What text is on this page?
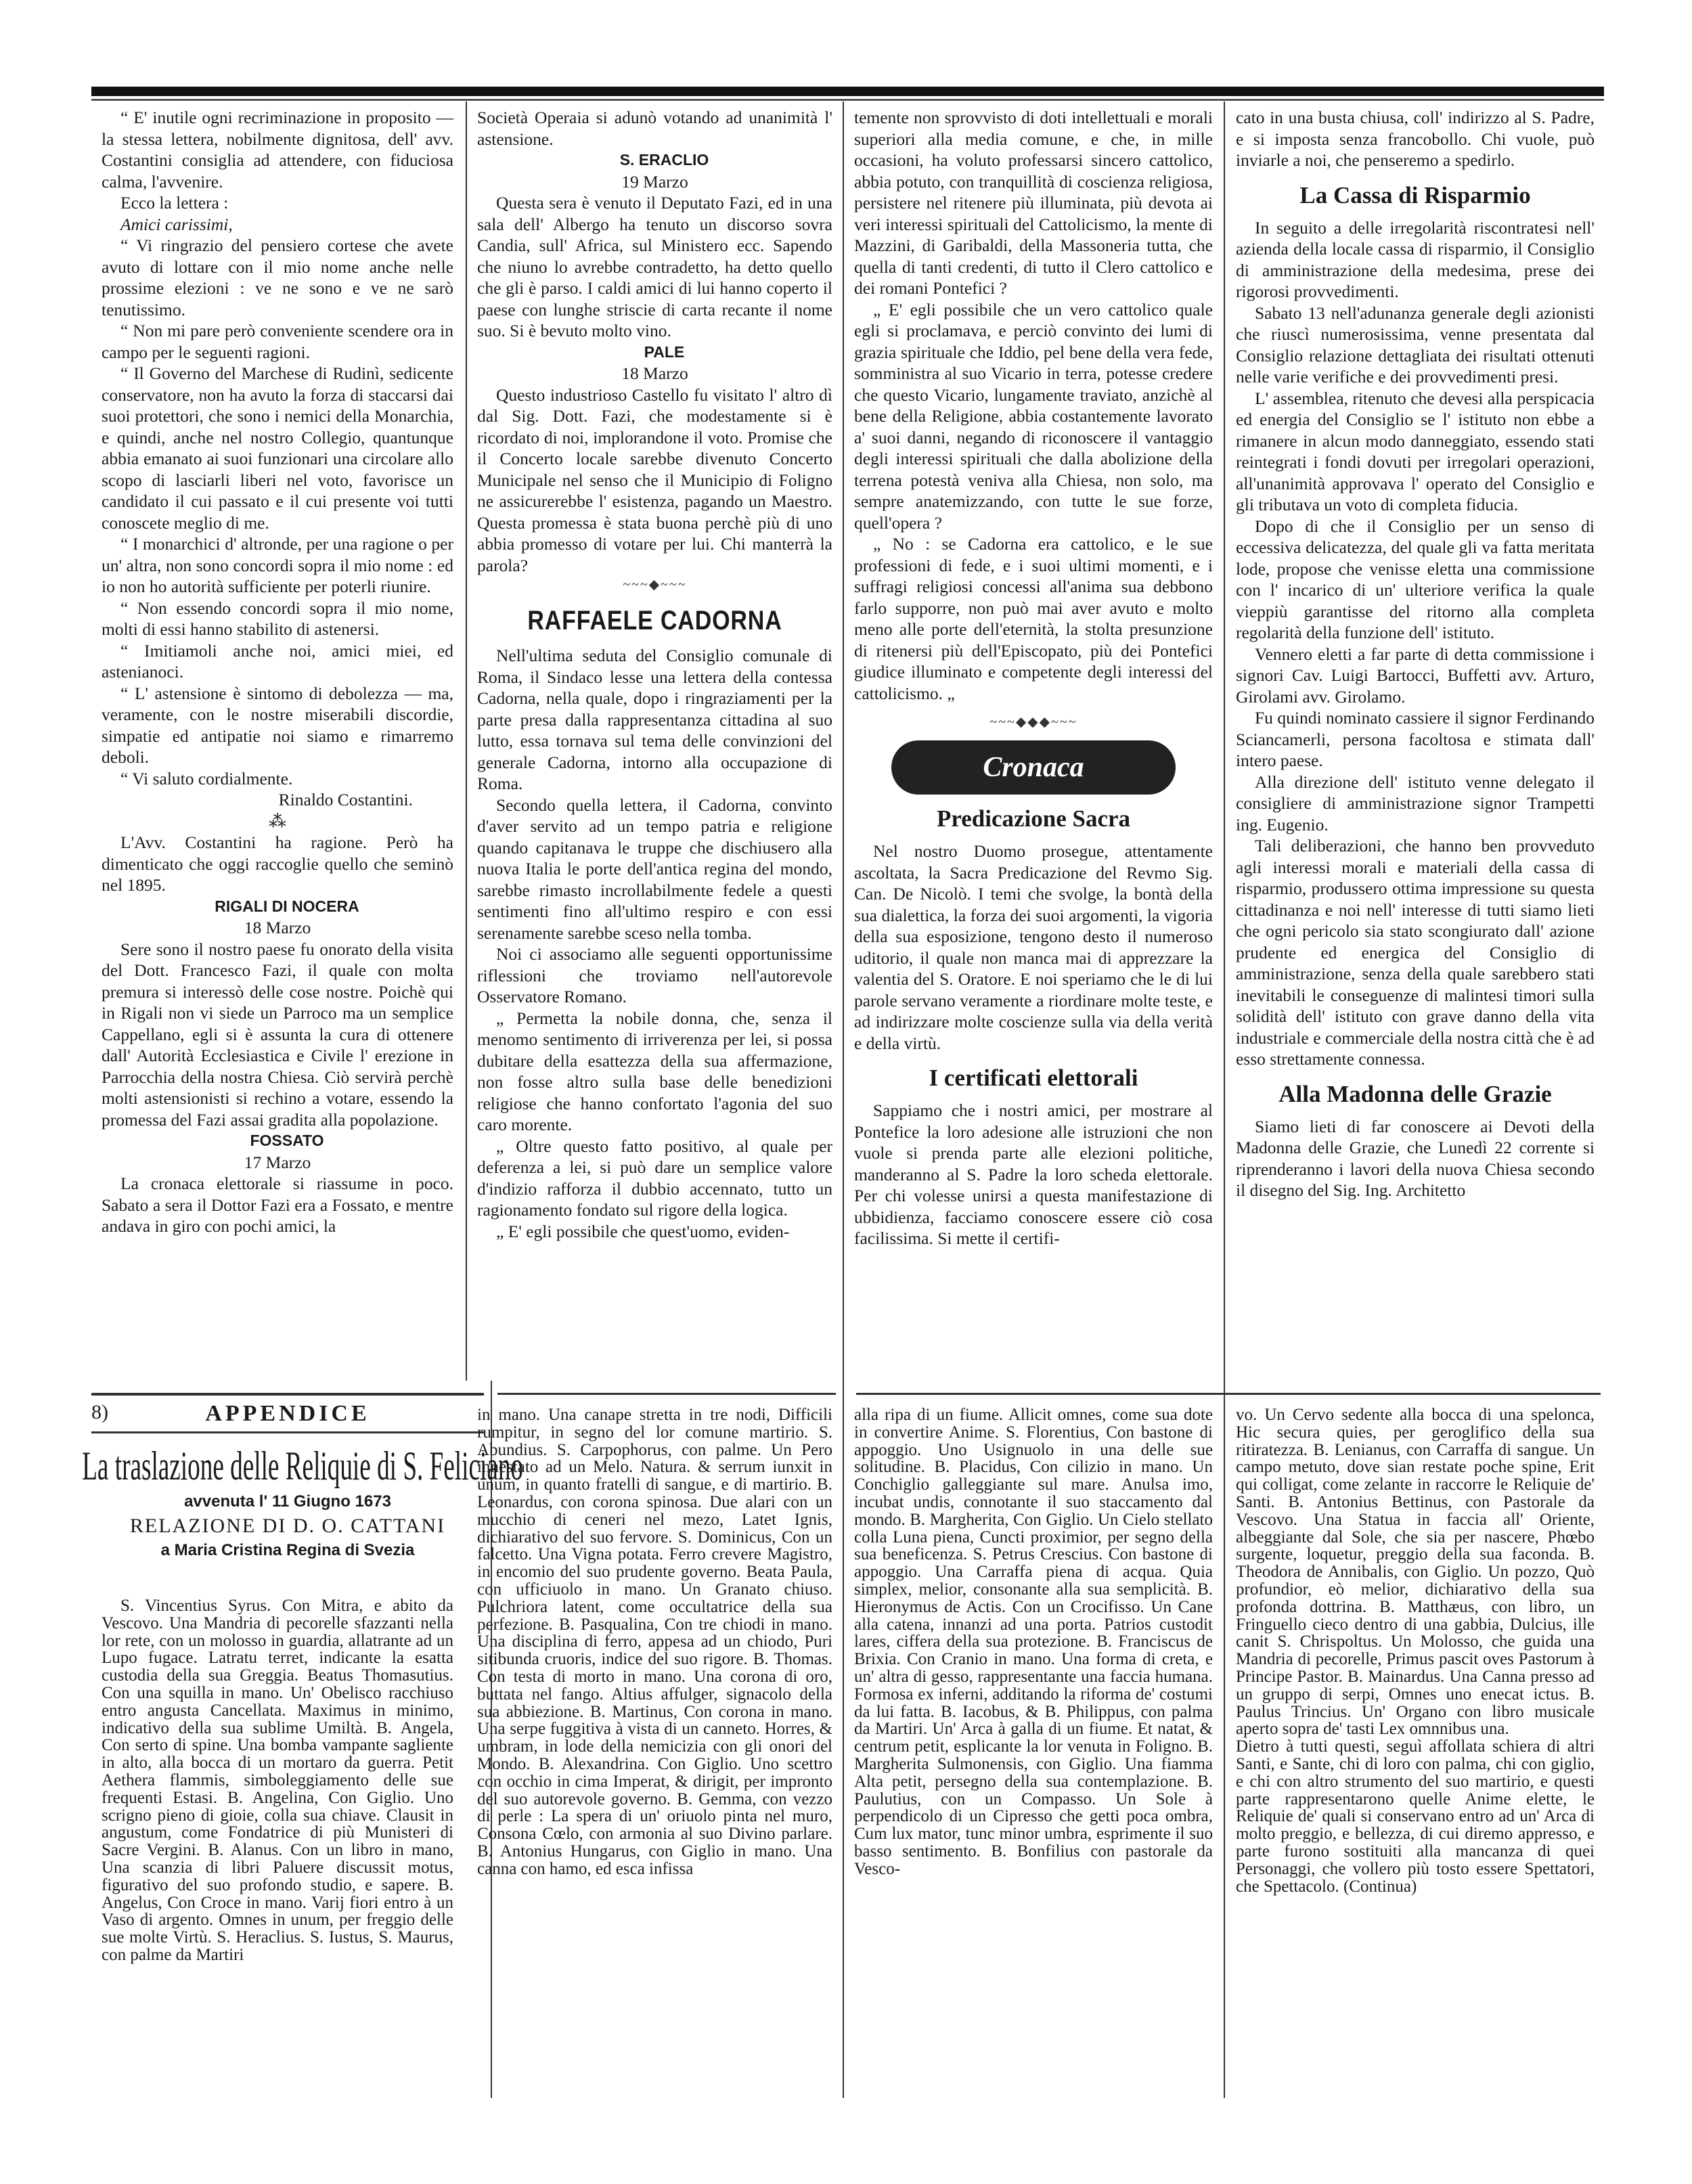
“ E' inutile ogni recriminazione in proposito — la stessa lettera, nobilmente dignitosa, dell' avv. Costantini consiglia ad attendere, con fiduciosa calma, l'avvenire.

Ecco la lettera :

Amici carissimi,

“ Vi ringrazio del pensiero cortese che avete avuto di lottare con il mio nome anche nelle prossime elezioni : ve ne sono e ve ne sarò tenutissimo.

“ Non mi pare però conveniente scendere ora in campo per le seguenti ragioni.

“ Il Governo del Marchese di Rudinì, sedicente conservatore, non ha avuto la forza di staccarsi dai suoi protettori, che sono i nemici della Monarchia, e quindi, anche nel nostro Collegio, quantunque abbia emanato ai suoi funzionari una circolare allo scopo di lasciarli liberi nel voto, favorisce un candidato il cui passato e il cui presente voi tutti conoscete meglio di me.

“ I monarchici d' altronde, per una ragione o per un' altra, non sono concordi sopra il mio nome : ed io non ho autorità sufficiente per poterli riunire.

“ Non essendo concordi sopra il mio nome, molti di essi hanno stabilito di astenersi.

“ Imitiamoli anche noi, amici miei, ed astenianoci.

“ L' astensione è sintomo di debolezza — ma, veramente, con le nostre miserabili discordie, simpatie ed antipatie noi siamo e rimarremo deboli.

“ Vi saluto cordialmente.

Rinaldo Costantini.

⁂

L'Avv. Costantini ha ragione. Però ha dimenticato che oggi raccoglie quello che seminò nel 1895.

RIGALI DI NOCERA

18 Marzo

Sere sono il nostro paese fu onorato della visita del Dott. Francesco Fazi, il quale con molta premura si interessò delle cose nostre. Poichè qui in Rigali non vi siede un Parroco ma un semplice Cappellano, egli si è assunta la cura di ottenere dall' Autorità Ecclesiastica e Civile l' erezione in Parrocchia della nostra Chiesa. Ciò servirà perchè molti astensionisti si rechino a votare, essendo la promessa del Fazi assai gradita alla popolazione.

FOSSATO

17 Marzo

La cronaca elettorale si riassume in poco. Sabato a sera il Dottor Fazi era a Fossato, e mentre andava in giro con pochi amici, la

Società Operaia si adunò votando ad unanimità l' astensione.

S. ERACLIO

19 Marzo

Questa sera è venuto il Deputato Fazi, ed in una sala dell' Albergo ha tenuto un discorso sovra Candia, sull' Africa, sul Ministero ecc. Sapendo che niuno lo avrebbe contradetto, ha detto quello che gli è parso. I caldi amici di lui hanno coperto il paese con lunghe striscie di carta recante il nome suo. Si è bevuto molto vino.

PALE

18 Marzo

Questo industrioso Castello fu visitato l' altro dì dal Sig. Dott. Fazi, che modestamente si è ricordato di noi, implorandone il voto. Promise che il Concerto locale sarebbe divenuto Concerto Municipale nel senso che il Municipio di Foligno ne assicurerebbe l' esistenza, pagando un Maestro. Questa promessa è stata buona perchè più di uno abbia promesso di votare per lui. Chi manterrà la parola?

~~~◆~~~
RAFFAELE CADORNA

Nell'ultima seduta del Consiglio comunale di Roma, il Sindaco lesse una lettera della contessa Cadorna, nella quale, dopo i ringraziamenti per la parte presa dalla rappresentanza cittadina al suo lutto, essa tornava sul tema delle convinzioni del generale Cadorna, intorno alla occupazione di Roma.

Secondo quella lettera, il Cadorna, convinto d'aver servito ad un tempo patria e religione quando capitanava le truppe che dischiusero alla nuova Italia le porte dell'antica regina del mondo, sarebbe rimasto incrollabilmente fedele a questi sentimenti fino all'ultimo respiro e con essi serenamente sarebbe sceso nella tomba.

Noi ci associamo alle seguenti opportunissime riflessioni che troviamo nell'autorevole Osservatore Romano.

„ Permetta la nobile donna, che, senza il menomo sentimento di irriverenza per lei, si possa dubitare della esattezza della sua affermazione, non fosse altro sulla base delle benedizioni religiose che hanno confortato l'agonia del suo caro morente.

„ Oltre questo fatto positivo, al quale per deferenza a lei, si può dare un semplice valore d'indizio rafforza il dubbio accennato, tutto un ragionamento fondato sul rigore della logica.

„ E' egli possibile che quest'uomo, eviden-

temente non sprovvisto di doti intellettuali e morali superiori alla media comune, e che, in mille occasioni, ha voluto professarsi sincero cattolico, abbia potuto, con tranquillità di coscienza religiosa, persistere nel ritenere più illuminata, più devota ai veri interessi spirituali del Cattolicismo, la mente di Mazzini, di Garibaldi, della Massoneria tutta, che quella di tanti credenti, di tutto il Clero cattolico e dei romani Pontefici ?

„ E' egli possibile che un vero cattolico quale egli si proclamava, e perciò convinto dei lumi di grazia spirituale che Iddio, pel bene della vera fede, somministra al suo Vicario in terra, potesse credere che questo Vicario, lungamente traviato, anzichè al bene della Religione, abbia costantemente lavorato a' suoi danni, negando di riconoscere il vantaggio degli interessi spirituali che dalla abolizione della terrena potestà veniva alla Chiesa, non solo, ma sempre anatemizzando, con tutte le sue forze, quell'opera ?

„ No : se Cadorna era cattolico, e le sue professioni di fede, e i suoi ultimi momenti, e i suffragi religiosi concessi all'anima sua debbono farlo supporre, non può mai aver avuto e molto meno alle porte dell'eternità, la stolta presunzione di ritenersi più dell'Episcopato, più dei Pontefici giudice illuminato e competente degli interessi del cattolicismo. „

~~~◆◆◆~~~
Cronaca
Predicazione Sacra

Nel nostro Duomo prosegue, attentamente ascoltata, la Sacra Predicazione del Revmo Sig. Can. De Nicolò. I temi che svolge, la bontà della sua dialettica, la forza dei suoi argomenti, la vigoria della sua esposizione, tengono desto il numeroso uditorio, il quale non manca mai di apprezzare la valentia del S. Oratore. E noi speriamo che le di lui parole servano veramente a riordinare molte teste, e ad indirizzare molte coscienze sulla via della verità e della virtù.

I certificati elettorali

Sappiamo che i nostri amici, per mostrare al Pontefice la loro adesione alle istruzioni che non vuole si prenda parte alle elezioni politiche, manderanno al S. Padre la loro scheda elettorale. Per chi volesse unirsi a questa manifestazione di ubbidienza, facciamo conoscere essere ciò cosa facilissima. Si mette il certifi-

cato in una busta chiusa, coll' indirizzo al S. Padre, e si imposta senza francobollo. Chi vuole, può inviarle a noi, che penseremo a spedirlo.

La Cassa di Risparmio

In seguito a delle irregolarità riscontratesi nell' azienda della locale cassa di risparmio, il Consiglio di amministrazione della medesima, prese dei rigorosi provvedimenti.

Sabato 13 nell'adunanza generale degli azionisti che riuscì numerosissima, venne presentata dal Consiglio relazione dettagliata dei risultati ottenuti nelle varie verifiche e dei provvedimenti presi.

L' assemblea, ritenuto che devesi alla perspicacia ed energia del Consiglio se l' istituto non ebbe a rimanere in alcun modo danneggiato, essendo stati reintegrati i fondi dovuti per irregolari operazioni, all'unanimità approvava l' operato del Consiglio e gli tributava un voto di completa fiducia.

Dopo di che il Consiglio per un senso di eccessiva delicatezza, del quale gli va fatta meritata lode, propose che venisse eletta una commissione con l' incarico di un' ulteriore verifica la quale vieppiù garantisse del ritorno alla completa regolarità della funzione dell' istituto.

Vennero eletti a far parte di detta commissione i signori Cav. Luigi Bartocci, Buffetti avv. Arturo, Girolami avv. Girolamo.

Fu quindi nominato cassiere il signor Ferdinando Sciancamerli, persona facoltosa e stimata dall' intero paese.

Alla direzione dell' istituto venne delegato il consigliere di amministrazione signor Trampetti ing. Eugenio.

Tali deliberazioni, che hanno ben provveduto agli interessi morali e materiali della cassa di risparmio, produssero ottima impressione su questa cittadinanza e noi nell' interesse di tutti siamo lieti che ogni pericolo sia stato scongiurato dall' azione prudente ed energica del Consiglio di amministrazione, senza della quale sarebbero stati inevitabili le conseguenze di malintesi timori sulla solidità dell' istituto con grave danno della vita industriale e commerciale della nostra città che è ad esso strettamente connessa.

Alla Madonna delle Grazie

Siamo lieti di far conoscere ai Devoti della Madonna delle Grazie, che Lunedì 22 corrente si riprenderanno i lavori della nuova Chiesa secondo il disegno del Sig. Ing. Architetto

8)	APPENDICE
La traslazione delle Reliquie di S. Feliciano
avvenuta l' 11 Giugno 1673
RELAZIONE DI D. O. CATTANI
a Maria Cristina Regina di Svezia

S. Vincentius Syrus. Con Mitra, e abito da Vescovo. Una Mandria di pecorelle sfazzanti nella lor rete, con un molosso in guardia, allatrante ad un Lupo fugace. Latratu terret, indicante la esatta custodia della sua Greggia. Beatus Thomasutius. Con una squilla in mano. Un' Obelisco racchiuso entro angusta Cancellata. Maximus in minimo, indicativo della sua sublime Umiltà. B. Angela, Con serto di spine. Una bomba vampante sagliente in alto, alla bocca di un mortaro da guerra. Petit Aethera flammis, simboleggiamento delle sue frequenti Estasi. B. Angelina, Con Giglio. Uno scrigno pieno di gioie, colla sua chiave. Clausit in angustum, come Fondatrice di più Munisteri di Sacre Vergini. B. Alanus. Con un libro in mano, Una scanzia di libri Paluere discussit motus, figurativo del suo profondo studio, e sapere. B. Angelus, Con Croce in mano. Varij fiori entro à un Vaso di argento. Omnes in unum, per freggio delle sue molte Virtù. S. Heraclius. S. Iustus, S. Maurus, con palme da Martiri

in mano. Una canape stretta in tre nodi, Difficili rumpitur, in segno del lor comune martirio. S. Abundius. S. Carpophorus, con palme. Un Pero innestato ad un Melo. Natura. & serrum iunxit in unum, in quanto fratelli di sangue, e di martirio. B. Leonardus, con corona spinosa. Due alari con un mucchio di ceneri nel mezo, Latet Ignis, dichiarativo del suo fervore. S. Dominicus, Con un falcetto. Una Vigna potata. Ferro crevere Magistro, in encomio del suo prudente governo. Beata Paula, con ufficiuolo in mano. Un Granato chiuso. Pulchriora latent, come occultatrice della sua perfezione. B. Pasqualina, Con tre chiodi in mano. Una disciplina di ferro, appesa ad un chiodo, Puri sitibunda cruoris, indice del suo rigore. B. Thomas. Con testa di morto in mano. Una corona di oro, buttata nel fango. Altius affulger, signacolo della sua abbiezione. B. Martinus, Con corona in mano. Una serpe fuggitiva à vista di un canneto. Horres, & umbram, in lode della nemicizia con gli onori del Mondo. B. Alexandrina. Con Giglio. Uno scettro con occhio in cima Imperat, & dirigit, per impronto del suo autorevole governo. B. Gemma, con vezzo di perle : La spera di un' oriuolo pinta nel muro, Consona Cœlo, con armonia al suo Divino parlare. B. Antonius Hungarus, con Giglio in mano. Una canna con hamo, ed esca infissa

alla ripa di un fiume. Allicit omnes, come sua dote in convertire Anime. S. Florentius, Con bastone di appoggio. Uno Usignuolo in una delle sue solitudine. B. Placidus, Con cilizio in mano. Un Conchiglio galleggiante sul mare. Anulsa imo, incubat undis, connotante il suo staccamento dal mondo. B. Margherita, Con Giglio. Un Cielo stellato colla Luna piena, Cuncti proximior, per segno della sua beneficenza. S. Petrus Crescius. Con bastone di appoggio. Una Carraffa piena di acqua. Quia simplex, melior, consonante alla sua semplicità. B. Hieronymus de Actis. Con un Crocifisso. Un Cane alla catena, innanzi ad una porta. Patrios custodit lares, ciffera della sua protezione. B. Franciscus de Brixia. Con Cranio in mano. Una forma di creta, e un' altra di gesso, rappresentante una faccia humana. Formosa ex inferni, additando la riforma de' costumi da lui fatta. B. Iacobus, & B. Philippus, con palma da Martiri. Un' Arca à galla di un fiume. Et natat, & centrum petit, esplicante la lor venuta in Foligno. B. Margherita Sulmonensis, con Giglio. Una fiamma Alta petit, persegno della sua contemplazione. B. Paulutius, con un Compasso. Un Sole à perpendicolo di un Cipresso che getti poca ombra, Cum lux mator, tunc minor umbra, esprimente il suo basso sentimento. B. Bonfilius con pastorale da Vesco-

vo. Un Cervo sedente alla bocca di una spelonca, Hic secura quies, per geroglifico della sua ritiratezza. B. Lenianus, con Carraffa di sangue. Un campo metuto, dove sian restate poche spine, Erit qui colligat, come zelante in raccorre le Reliquie de' Santi. B. Antonius Bettinus, con Pastorale da Vescovo. Una Statua in faccia all' Oriente, albeggiante dal Sole, che sia per nascere, Phœbo surgente, loquetur, preggio della sua faconda. B. Theodora de Annibalis, con Giglio. Un pozzo, Quò profundior, eò melior, dichiarativo della sua profonda dottrina. B. Matthæus, con libro, un Fringuello cieco dentro di una gabbia, Dulcius, ille canit S. Chrispoltus. Un Molosso, che guida una Mandria di pecorelle, Primus pascit oves Pastorum à Principe Pastor. B. Mainardus. Una Canna presso ad un gruppo di serpi, Omnes uno enecat ictus. B. Paulus Trincius. Un' Organo con libro musicale aperto sopra de' tasti Lex omnnibus una.
Dietro à tutti questi, seguì affollata schiera di altri Santi, e Sante, chi di loro con palma, chi con giglio, e chi con altro strumento del suo martirio, e questi parte rappresentarono quelle Anime elette, le Reliquie de' quali si conservano entro ad un' Arca di molto preggio, e bellezza, di cui diremo appresso, e parte furono sostituiti alla mancanza di quei Personaggi, che vollero più tosto essere Spettatori, che Spettacolo. (Continua)
